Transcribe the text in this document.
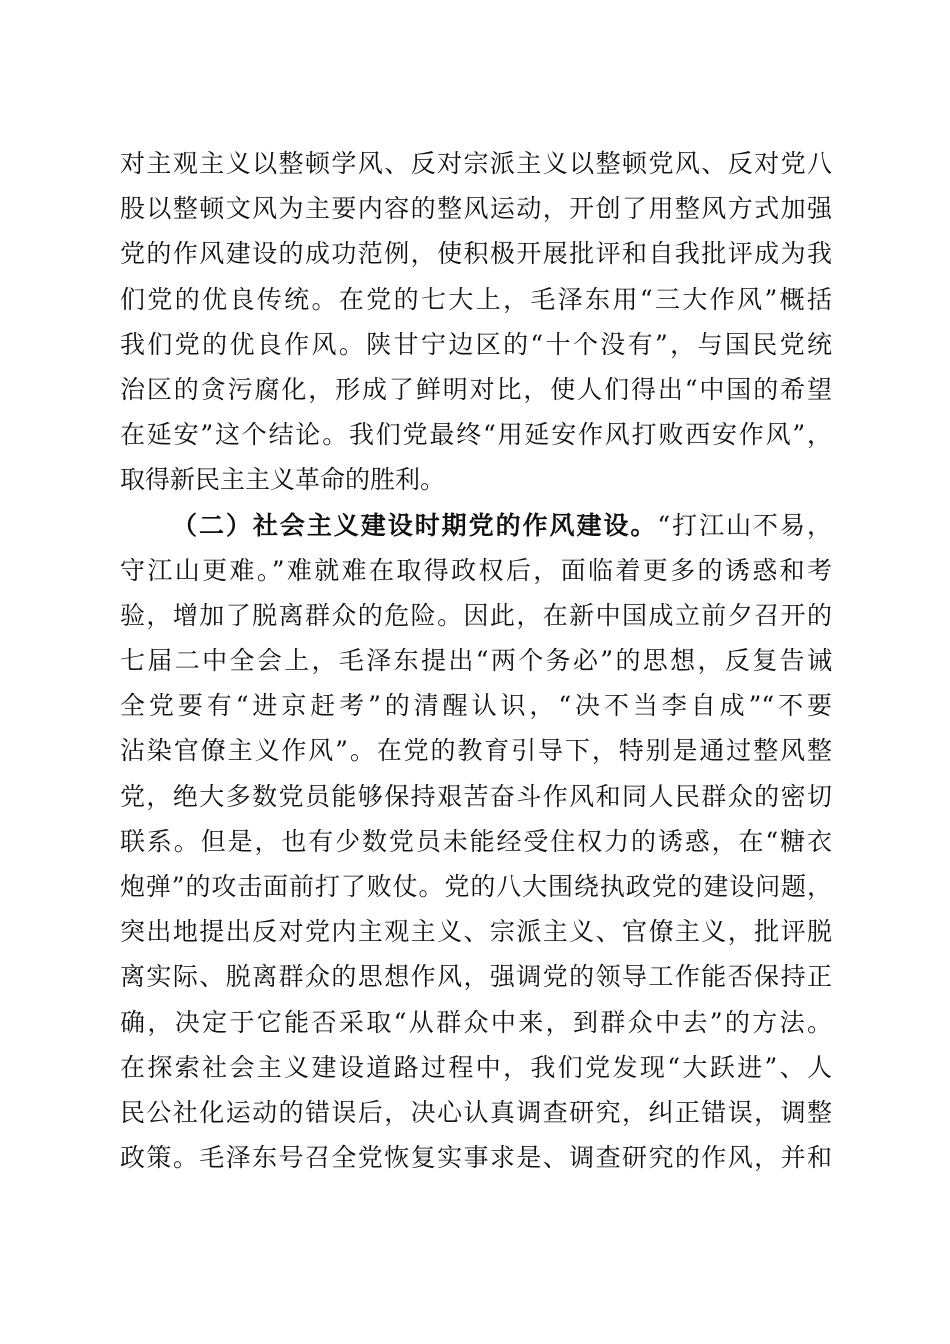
对主观主义以整顿学风、反对宗派主义以整顿党风、反对党八
股以整顿文风为主要内容的整风运动，开创了用整风方式加强
党的作风建设的成功范例，使积极开展批评和自我批评成为我
们党的优良传统。在党的七大上，毛泽东用“三大作风”概括
我们党的优良作风。陕甘宁边区的“十个没有”，与国民党统
治区的贪污腐化，形成了鲜明对比，使人们得出“中国的希望
在延安”这个结论。我们党最终“用延安作风打败西安作风”，
取得新民主主义革命的胜利。
（二）社会主义建设时期党的作风建设。“打江山不易，
守江山更难。”难就难在取得政权后，面临着更多的诱惑和考
验，增加了脱离群众的危险。因此，在新中国成立前夕召开的
七届二中全会上，毛泽东提出“两个务必”的思想，反复告诫
全党要有“进京赶考”的清醒认识，“决不当李自成”“不要
沾染官僚主义作风”。在党的教育引导下，特别是通过整风整
党，绝大多数党员能够保持艰苦奋斗作风和同人民群众的密切
联系。但是，也有少数党员未能经受住权力的诱惑，在“糖衣
炮弹”的攻击面前打了败仗。党的八大围绕执政党的建设问题，
突出地提出反对党内主观主义、宗派主义、官僚主义，批评脱
离实际、脱离群众的思想作风，强调党的领导工作能否保持正
确，决定于它能否采取“从群众中来，到群众中去”的方法。
在探索社会主义建设道路过程中，我们党发现“大跃进”、人
民公社化运动的错误后，决心认真调查研究，纠正错误，调整
政策。毛泽东号召全党恢复实事求是、调查研究的作风，并和
